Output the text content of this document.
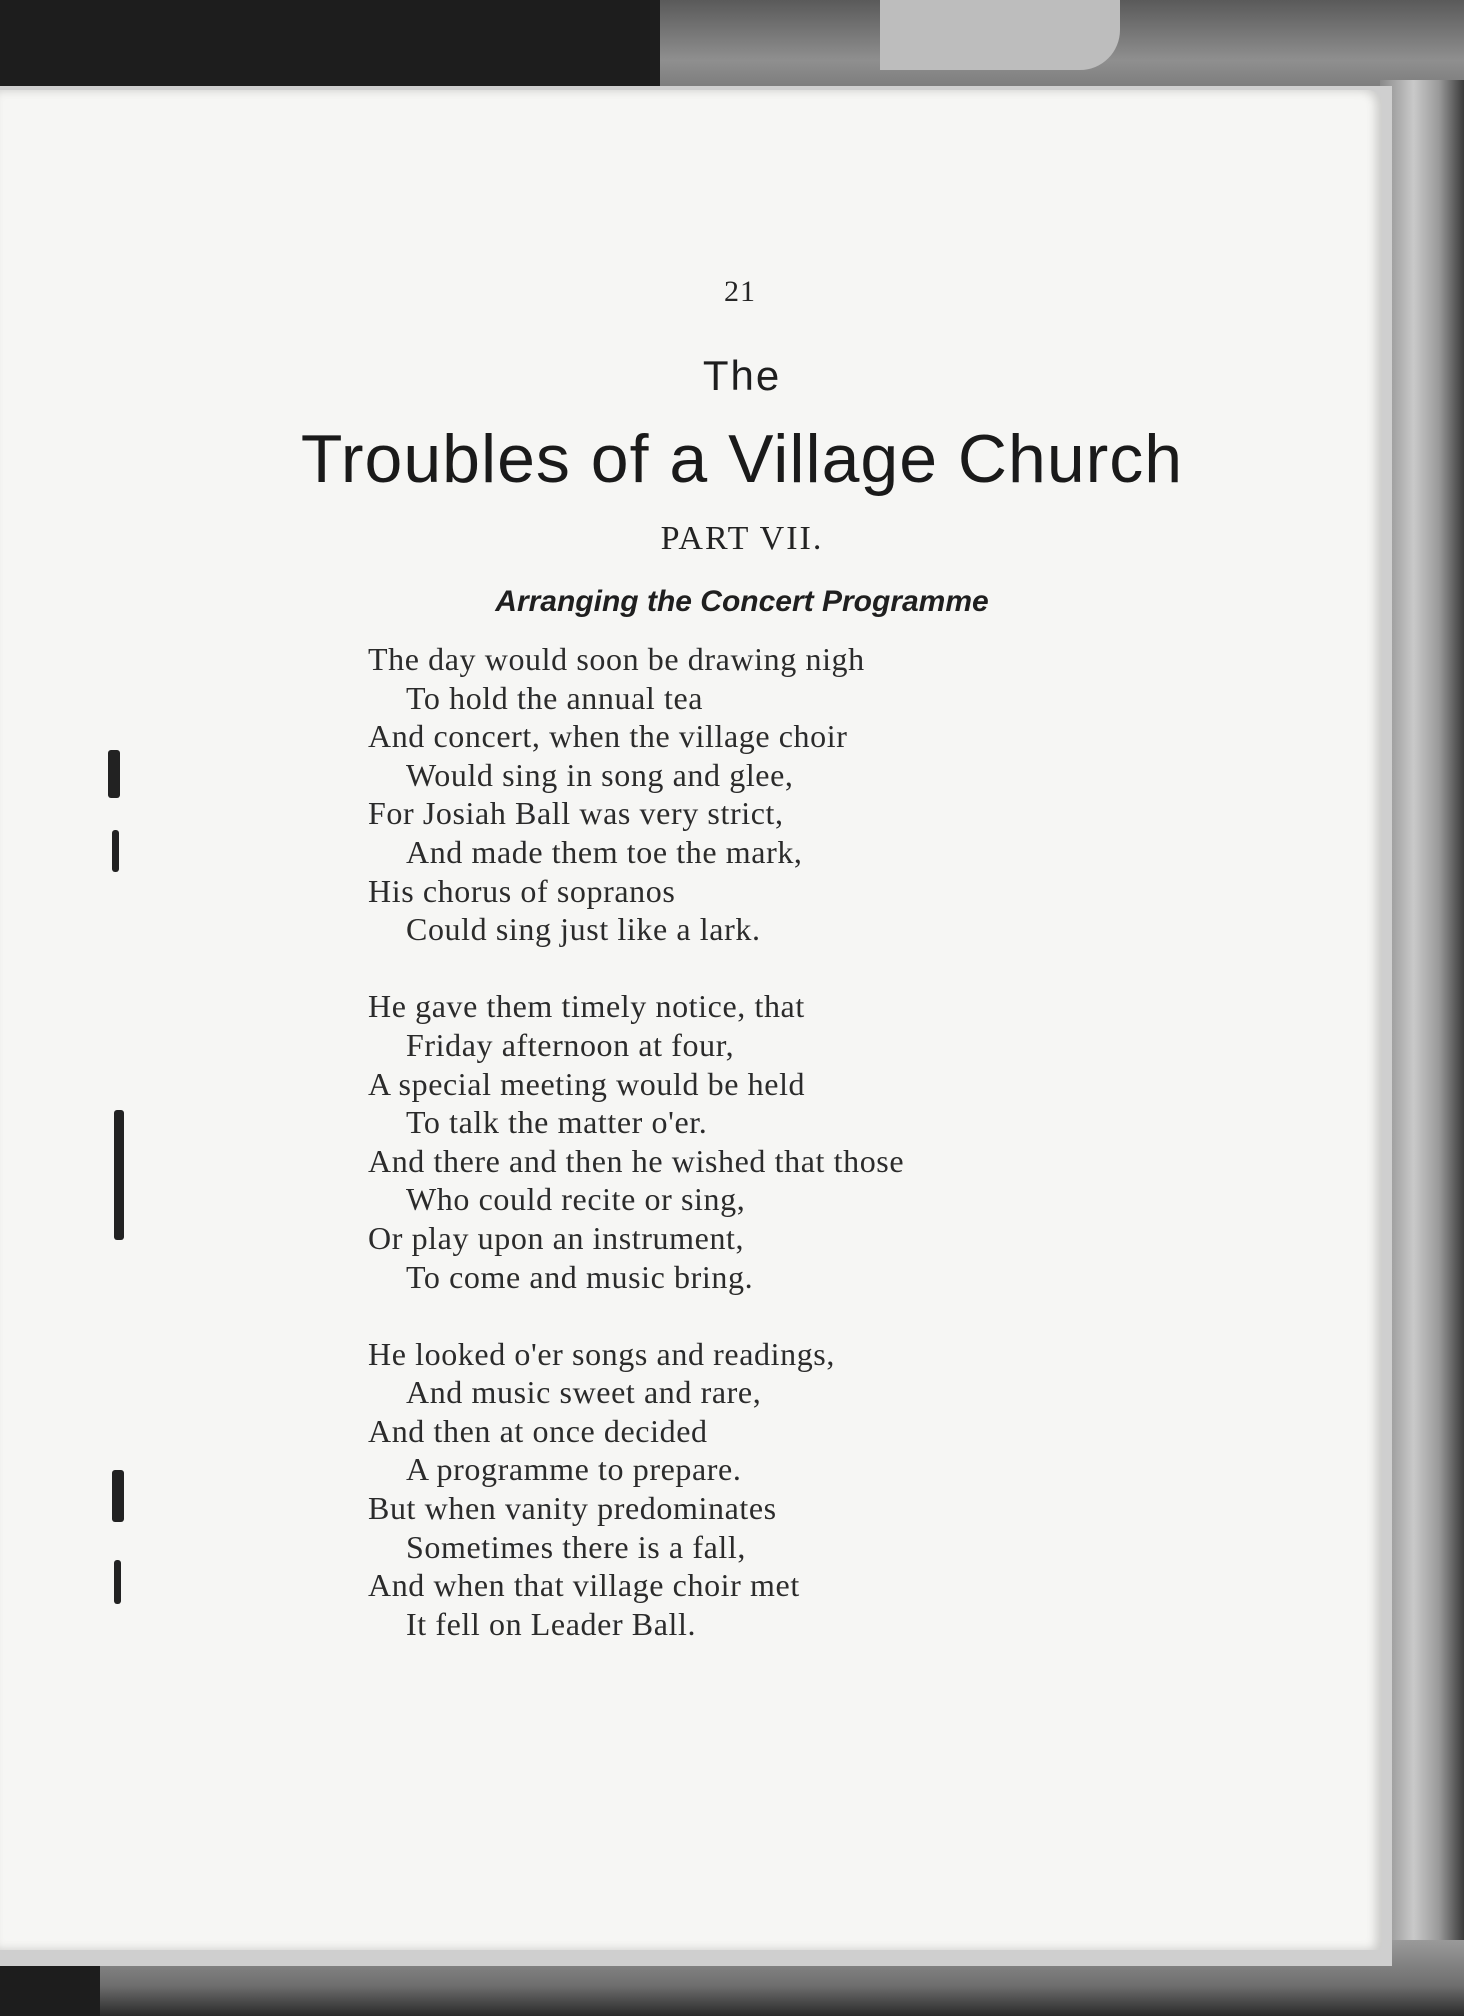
21
The
Troubles of a Village Church
PART VII.
Arranging the Concert Programme
The day would soon be drawing nigh
To hold the annual tea
And concert, when the village choir
Would sing in song and glee,
For Josiah Ball was very strict,
And made them toe the mark,
His chorus of sopranos
Could sing just like a lark.
He gave them timely notice, that
Friday afternoon at four,
A special meeting would be held
To talk the matter o'er.
And there and then he wished that those
Who could recite or sing,
Or play upon an instrument,
To come and music bring.
He looked o'er songs and readings,
And music sweet and rare,
And then at once decided
A programme to prepare.
But when vanity predominates
Sometimes there is a fall,
And when that village choir met
It fell on Leader Ball.
